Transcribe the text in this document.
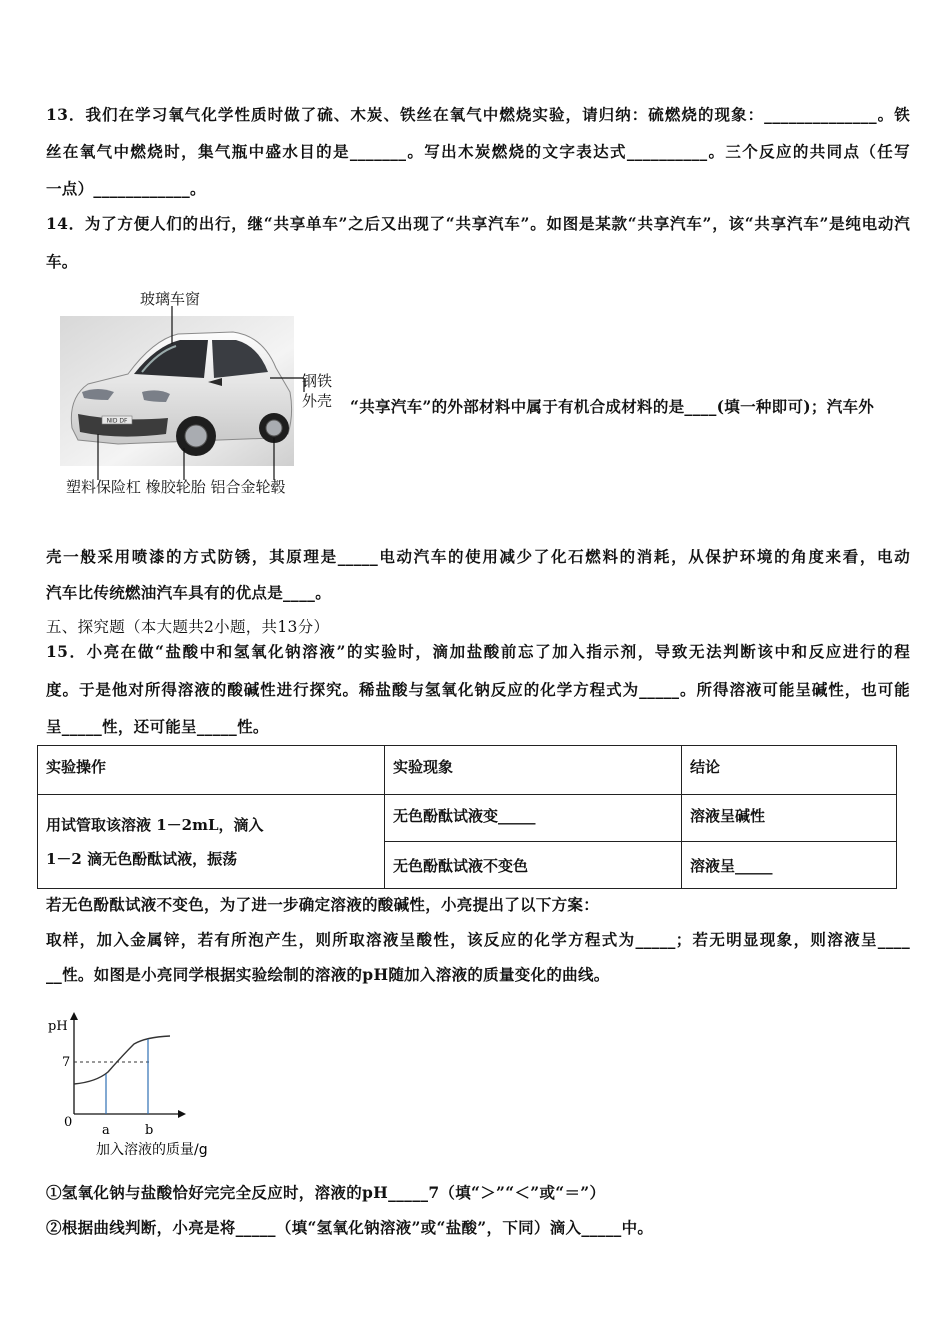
13．我们在学习氧气化学性质时做了硫、木炭、铁丝在氧气中燃烧实验，请归纳：硫燃烧的现象：______________。铁
丝在氧气中燃烧时，集气瓶中盛水目的是_______。写出木炭燃烧的文字表达式__________。三个反应的共同点（任写
一点）____________。
14．为了方便人们的出行，继“共享单车”之后又出现了“共享汽车”。如图是某款“共享汽车”，该“共享汽车”是纯电动汽
车。
NID DF
玻璃车窗
钢铁
外壳
塑料保险杠 橡胶轮胎 铝合金轮毂
“共享汽车”的外部材料中属于有机合成材料的是____(填一种即可)；汽车外
壳一般采用喷漆的方式防锈，其原理是_____电动汽车的使用减少了化石燃料的消耗，从保护环境的角度来看，电动
汽车比传统燃油汽车具有的优点是____。
五、探究题（本大题共2小题，共13分）
15．小亮在做“盐酸中和氢氧化钠溶液”的实验时，滴加盐酸前忘了加入指示剂，导致无法判断该中和反应进行的程
度。于是他对所得溶液的酸碱性进行探究。稀盐酸与氢氧化钠反应的化学方程式为_____。所得溶液可能呈碱性，也可能
呈_____性，还可能呈_____性。
实验操作	实验现象	结论

用试管取该溶液 1－2mL，滴入
1－2 滴无色酚酞试液，振荡	无色酚酞试液变_____	溶液呈碱性
	无色酚酞试液不变色	溶液呈_____
若无色酚酞试液不变色，为了进一步确定溶液的酸碱性，小亮提出了以下方案：
取样，加入金属锌，若有所泡产生，则所取溶液呈酸性，该反应的化学方程式为_____；若无明显现象，则溶液呈____
__性。如图是小亮同学根据实验绘制的溶液的pH随加入溶液的质量变化的曲线。
pH
7
0
a	b
加入溶液的质量/g
①氢氧化钠与盐酸恰好完完全反应时，溶液的pH_____7（填“＞”“＜”或“＝”）
②根据曲线判断，小亮是将_____（填“氢氧化钠溶液”或“盐酸”，下同）滴入_____中。
